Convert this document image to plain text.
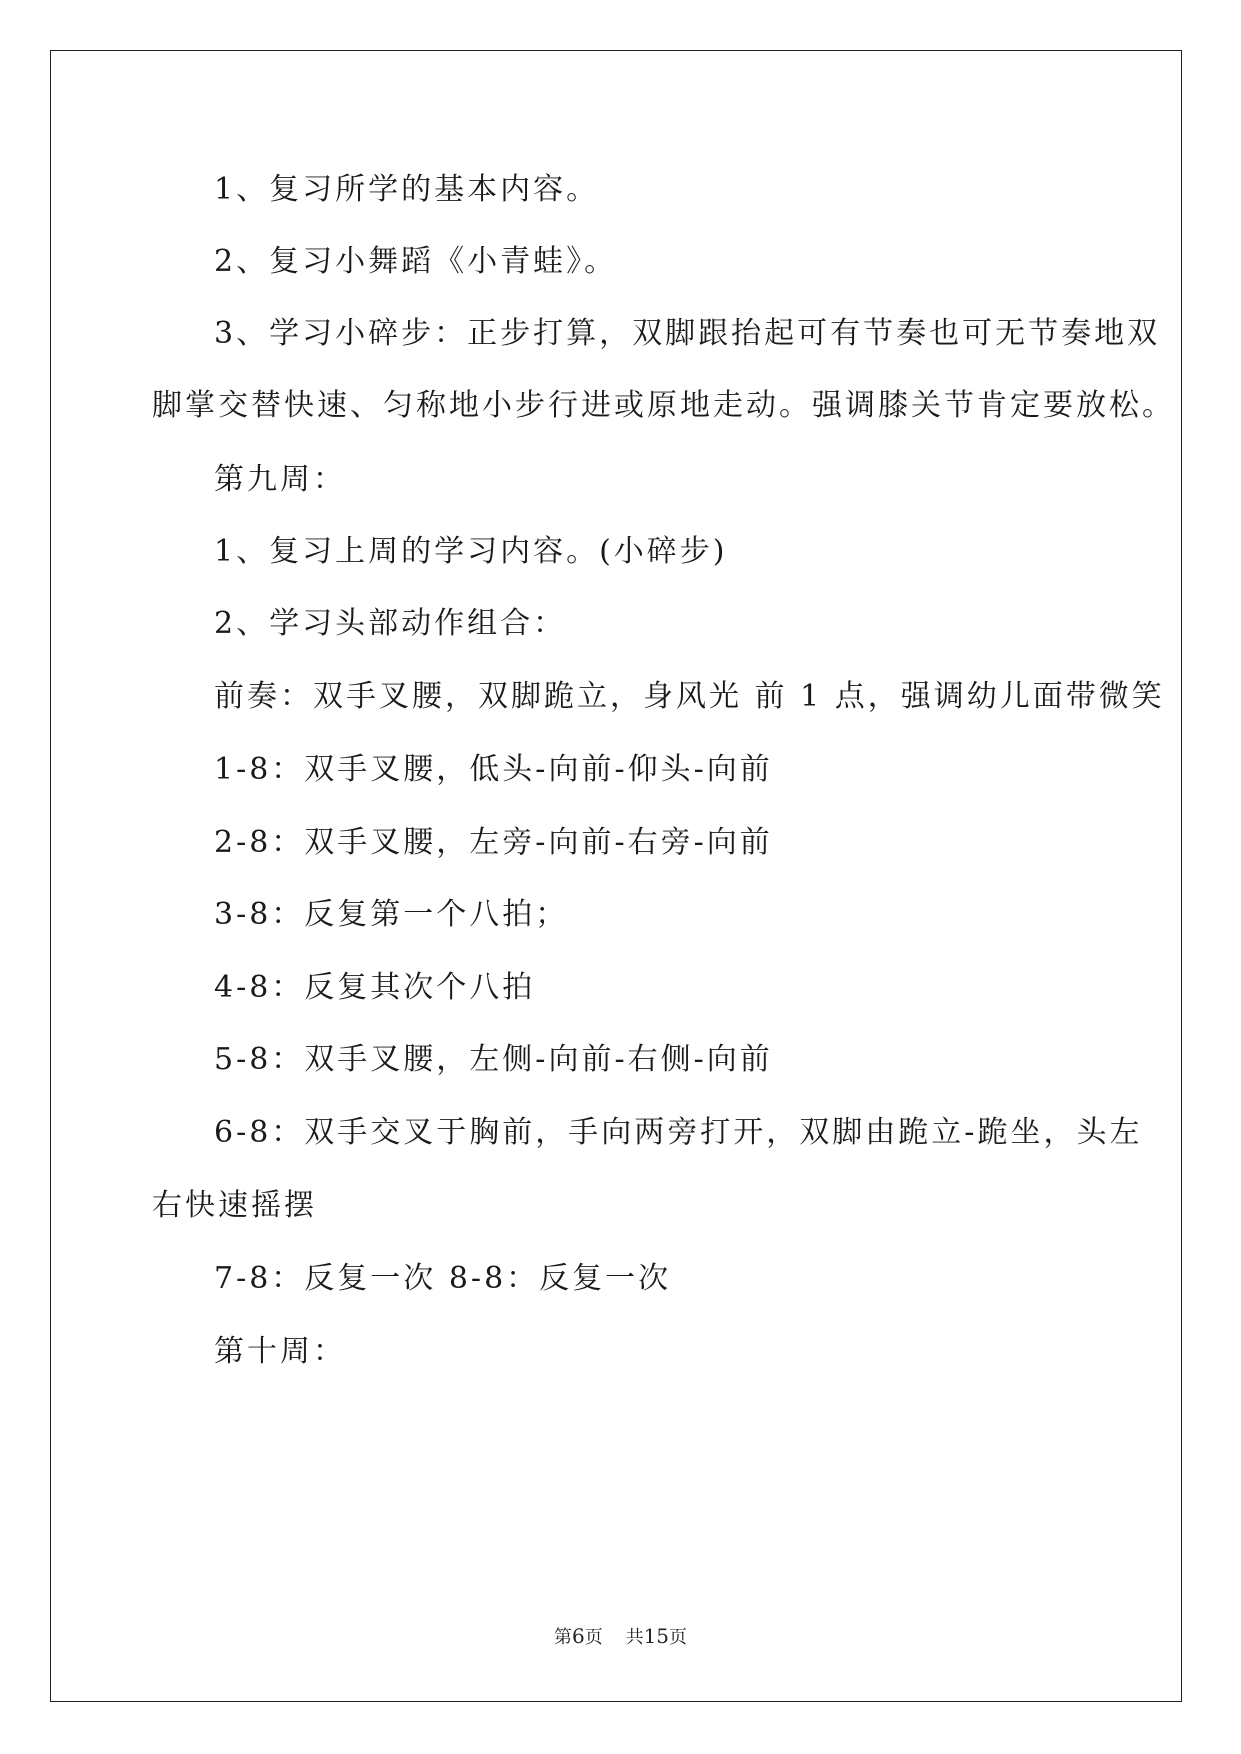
1、复习所学的基本内容。
2、复习小舞蹈《小青蛙》。
3、学习小碎步：正步打算，双脚跟抬起可有节奏也可无节奏地双
脚掌交替快速、匀称地小步行进或原地走动。强调膝关节肯定要放松。
第九周：
1、复习上周的学习内容。(小碎步)
2、学习头部动作组合：
前奏：双手叉腰，双脚跪立，身风光 前 1 点，强调幼儿面带微笑
1-8：双手叉腰，低头-向前-仰头-向前
2-8：双手叉腰，左旁-向前-右旁-向前
3-8：反复第一个八拍；
4-8：反复其次个八拍
5-8：双手叉腰，左侧-向前-右侧-向前
6-8：双手交叉于胸前，手向两旁打开，双脚由跪立-跪坐，头左
右快速摇摆
7-8：反复一次 8-8：反复一次
第十周：
第6页 共15页
